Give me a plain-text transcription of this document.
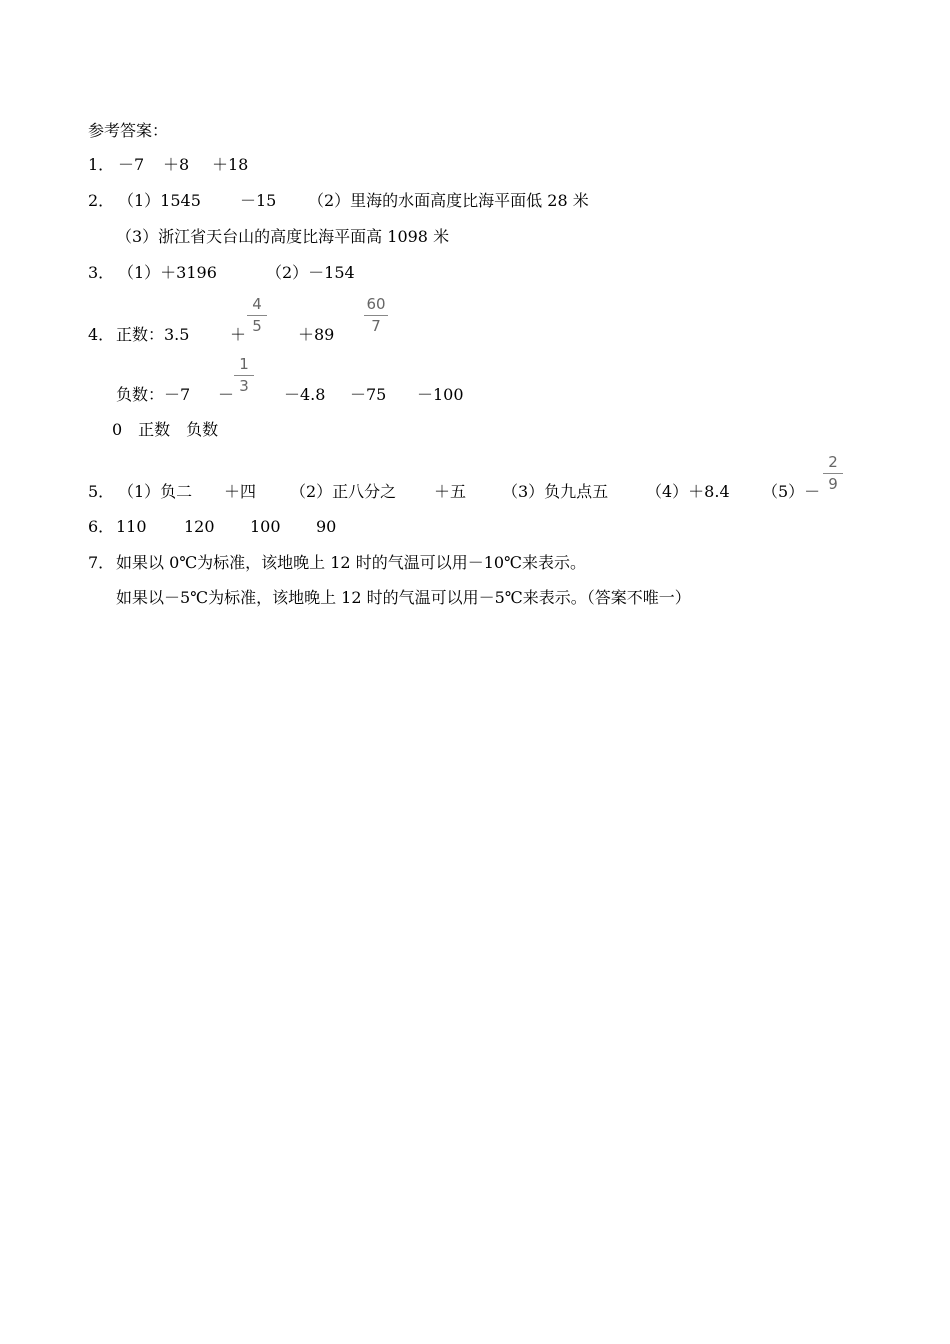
参考答案：
1． －7 ＋8 ＋18
2． （1）1545 －15 （2）里海的水面高度比海平面低 28 米
（3）浙江省天台山的高度比海平面高 1098 米
3． （1）＋3196	（2）－154
4． 正数：3.5	＋
4
5	＋89
60
7
负数：－7 －
1
3	－4.8 －75 －100
0　正数　负数
5． （1）负二 ＋四 （2）正八分之 ＋五 （3）负九点五 （4）＋8.4 （5）－
2
9
6． 110 120 100 90
7． 如果以 0℃为标准，该地晚上 12 时的气温可以用－10℃来表示。
如果以－5℃为标准，该地晚上 12 时的气温可以用－5℃来表示。（答案不唯一）
